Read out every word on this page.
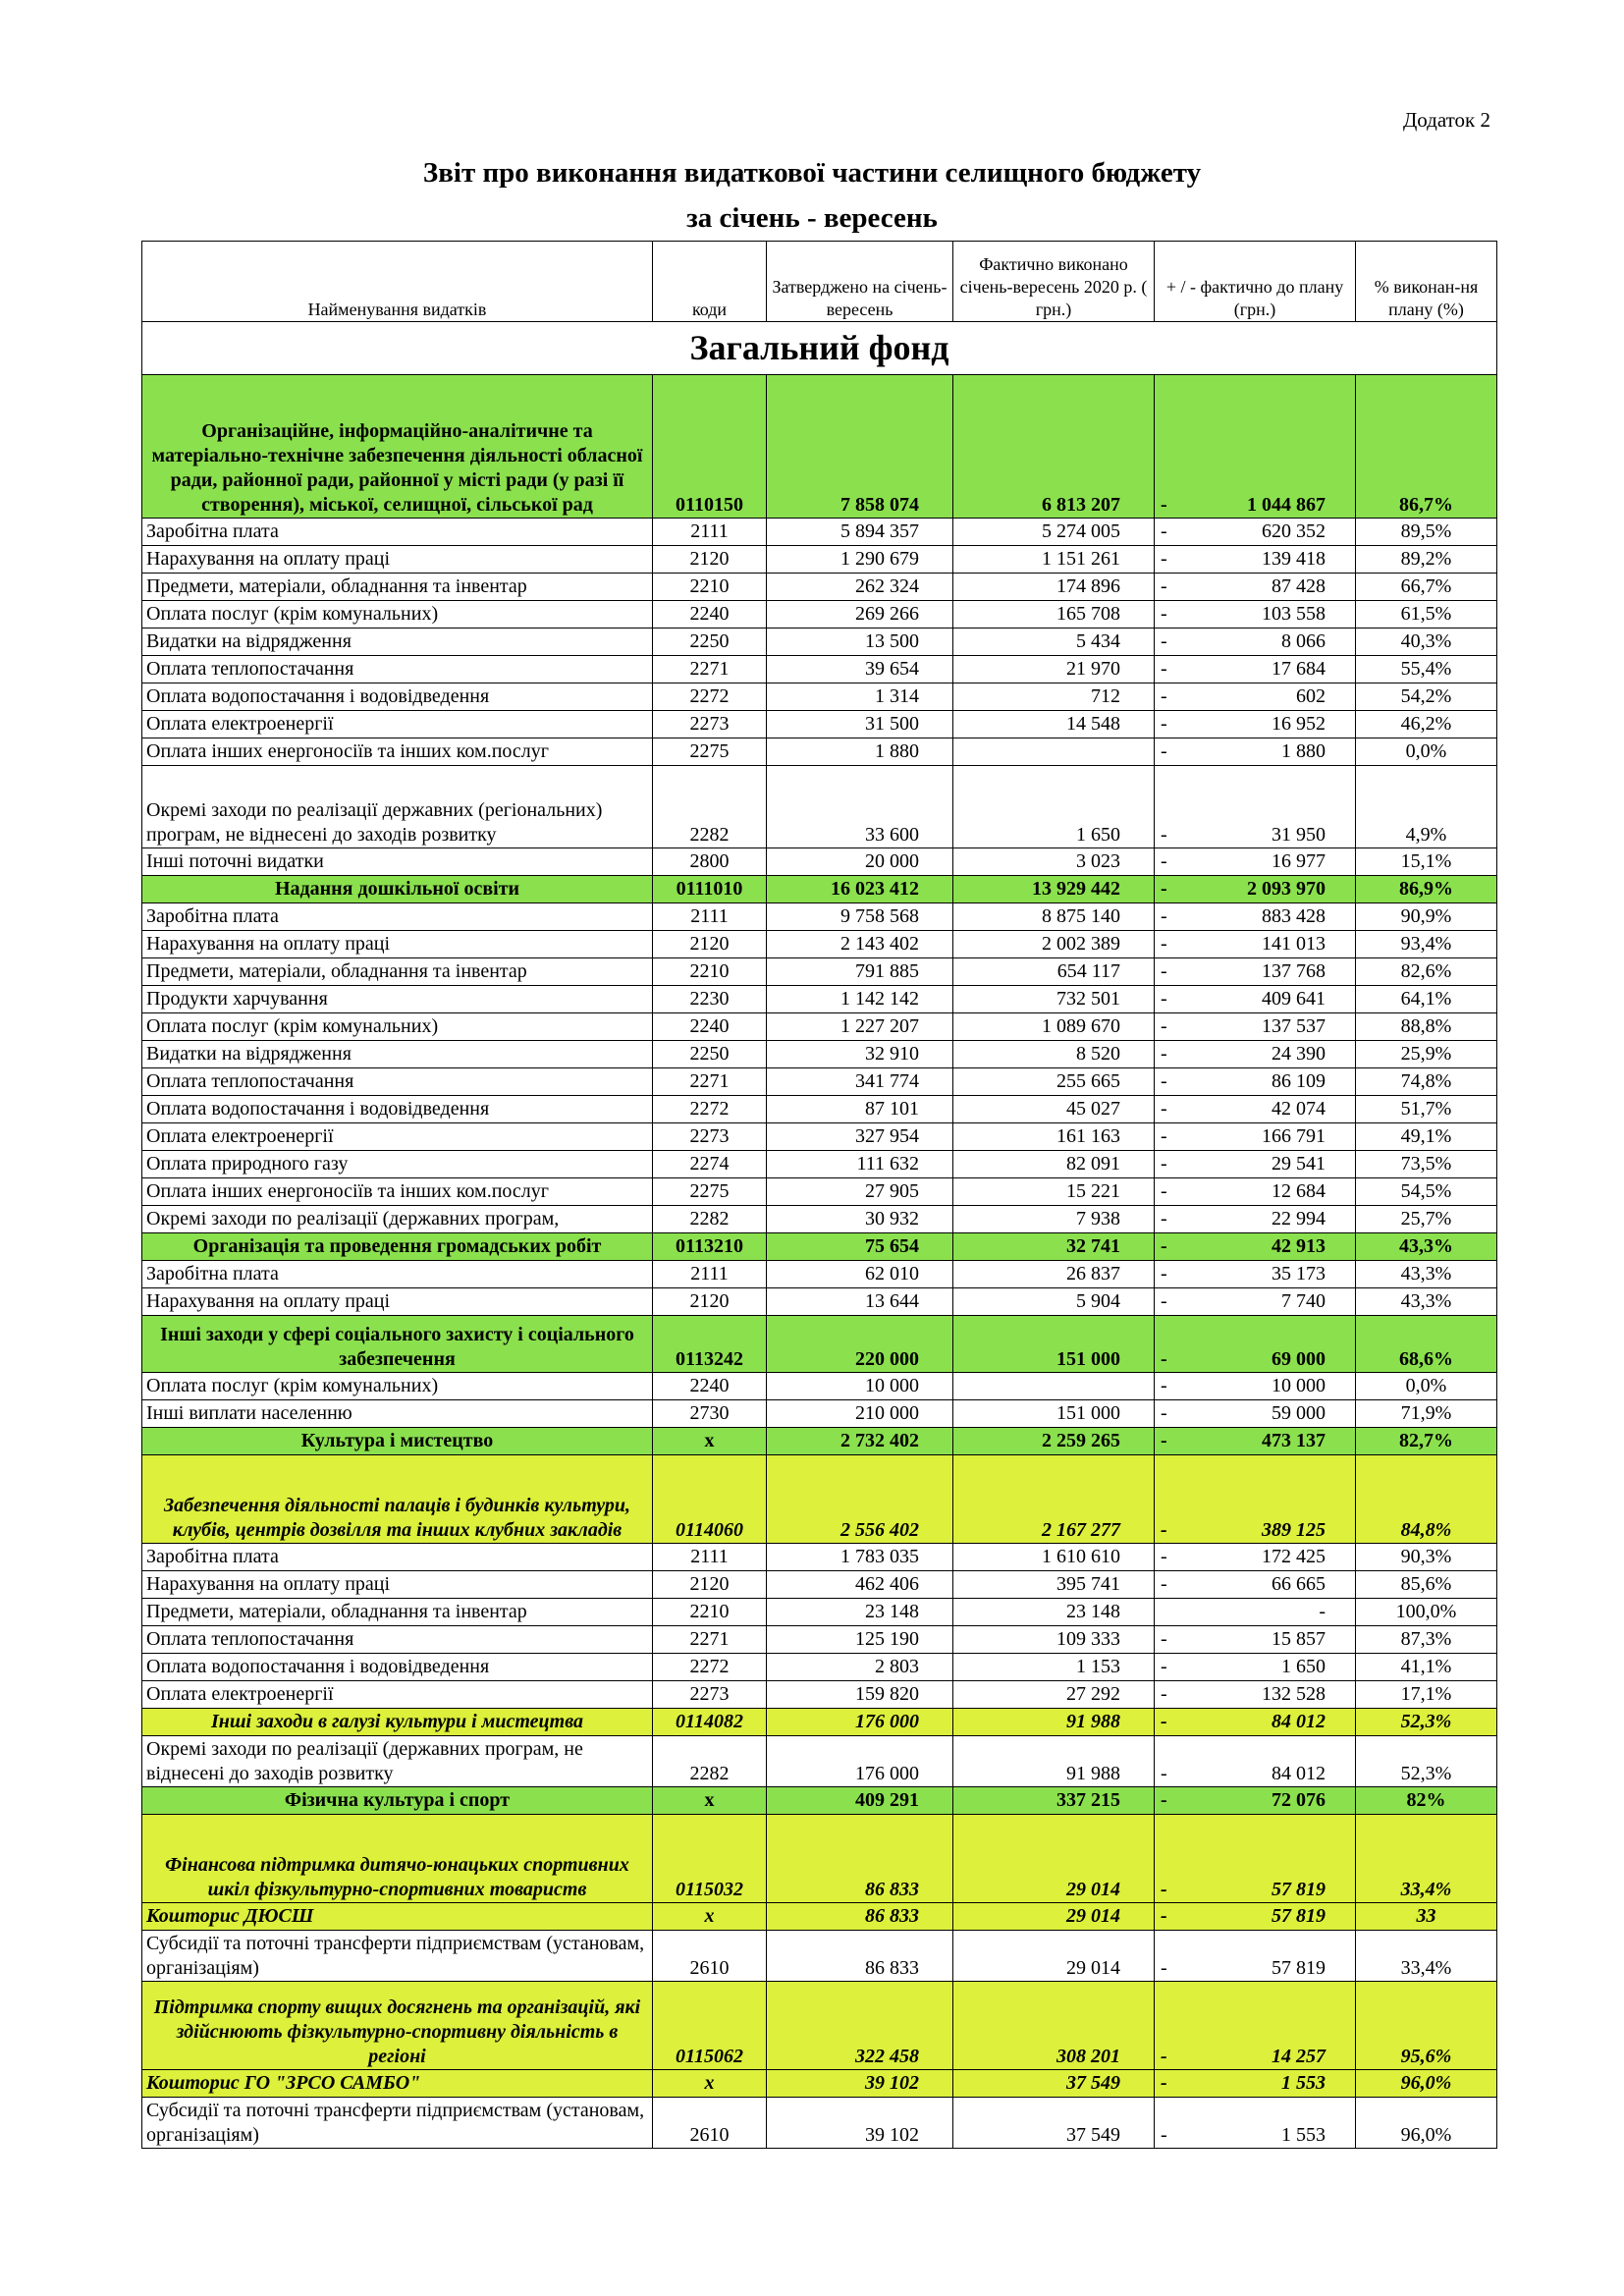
Додаток 2
Звіт про виконання видаткової частини селищного бюджету
за січень - вересень
Найменування видатків	коди	Затверджено на січень-вересень	Фактично виконано січень-вересень 2020 р. ( грн.)	+ / - фактично до плану (грн.)		% виконан-ня плану (%)
Загальний фонд						
Організаційне, інформаційно-аналітичне та матеріально-технічне забезпечення діяльності обласної ради, районної ради, районної у місті ради (у разі її створення), міської, селищної, сільської рад	0110150	7 858 074	6 813 207	-	1 044 867	86,7%
Заробітна плата	2111	5 894 357	5 274 005	-	620 352	89,5%
Нарахування на оплату праці	2120	1 290 679	1 151 261	-	139 418	89,2%
Предмети, матеріали, обладнання та інвентар	2210	262 324	174 896	-	87 428	66,7%
Оплата послуг (крім комунальних)	2240	269 266	165 708	-	103 558	61,5%
Видатки на відрядження	2250	13 500	5 434	-	8 066	40,3%
Оплата теплопостачання	2271	39 654	21 970	-	17 684	55,4%
Оплата водопостачання і водовідведення	2272	1 314	712	-	602	54,2%
Оплата електроенергії	2273	31 500	14 548	-	16 952	46,2%
Оплата інших енергоносіїв та інших ком.послуг	2275	1 880		-	1 880	0,0%
Окремі заходи по реалізації державних (регіональних) програм, не віднесені до заходів розвитку	2282	33 600	1 650	-	31 950	4,9%
Інші поточні видатки	2800	20 000	3 023	-	16 977	15,1%
Надання дошкільної освіти	0111010	16 023 412	13 929 442	-	2 093 970	86,9%
Заробітна плата	2111	9 758 568	8 875 140	-	883 428	90,9%
Нарахування на оплату праці	2120	2 143 402	2 002 389	-	141 013	93,4%
Предмети, матеріали, обладнання та інвентар	2210	791 885	654 117	-	137 768	82,6%
Продукти харчування	2230	1 142 142	732 501	-	409 641	64,1%
Оплата послуг (крім комунальних)	2240	1 227 207	1 089 670	-	137 537	88,8%
Видатки на відрядження	2250	32 910	8 520	-	24 390	25,9%
Оплата теплопостачання	2271	341 774	255 665	-	86 109	74,8%
Оплата водопостачання і водовідведення	2272	87 101	45 027	-	42 074	51,7%
Оплата електроенергії	2273	327 954	161 163	-	166 791	49,1%
Оплата природного газу	2274	111 632	82 091	-	29 541	73,5%
Оплата інших енергоносіїв та інших ком.послуг	2275	27 905	15 221	-	12 684	54,5%
Окремі заходи по реалізації (державних програм,	2282	30 932	7 938	-	22 994	25,7%
Організація та проведення громадських робіт	0113210	75 654	32 741	-	42 913	43,3%
Заробітна плата	2111	62 010	26 837	-	35 173	43,3%
Нарахування на оплату праці	2120	13 644	5 904	-	7 740	43,3%
Інші заходи у сфері соціального захисту і соціального забезпечення	0113242	220 000	151 000	-	69 000	68,6%
Оплата послуг (крім комунальних)	2240	10 000		-	10 000	0,0%
Інші виплати населенню	2730	210 000	151 000	-	59 000	71,9%
Культура і мистецтво	х	2 732 402	2 259 265	-	473 137	82,7%
Забезпечення діяльності палаців і будинків культури, клубів, центрів дозвілля та інших клубних закладів	0114060	2 556 402	2 167 277	-	389 125	84,8%
Заробітна плата	2111	1 783 035	1 610 610	-	172 425	90,3%
Нарахування на оплату праці	2120	462 406	395 741	-	66 665	85,6%
Предмети, матеріали, обладнання та інвентар	2210	23 148	23 148		-	100,0%
Оплата теплопостачання	2271	125 190	109 333	-	15 857	87,3%
Оплата водопостачання і водовідведення	2272	2 803	1 153	-	1 650	41,1%
Оплата електроенергії	2273	159 820	27 292	-	132 528	17,1%
Інші заходи в галузі культури і мистецтва	0114082	176 000	91 988	-	84 012	52,3%
Окремі заходи по реалізації (державних програм, не віднесені до заходів розвитку	2282	176 000	91 988	-	84 012	52,3%
Фізична культура і спорт	х	409 291	337 215	-	72 076	82%
Фінансова підтримка дитячо-юнацьких спортивних шкіл фізкультурно-спортивних товариств	0115032	86 833	29 014	-	57 819	33,4%
Кошторис ДЮСШ	х	86 833	29 014	-	57 819	33
Субсидії та поточні трансферти підприємствам (установам, організаціям)	2610	86 833	29 014	-	57 819	33,4%
Підтримка спорту вищих досягнень та організацій, які здійснюють фізкультурно-спортивну діяльність в регіоні	0115062	322 458	308 201	-	14 257	95,6%
Кошторис ГО "ЗРСО САМБО"	х	39 102	37 549	-	1 553	96,0%
Субсидії та поточні трансферти підприємствам (установам, організаціям)	2610	39 102	37 549	-	1 553	96,0%
